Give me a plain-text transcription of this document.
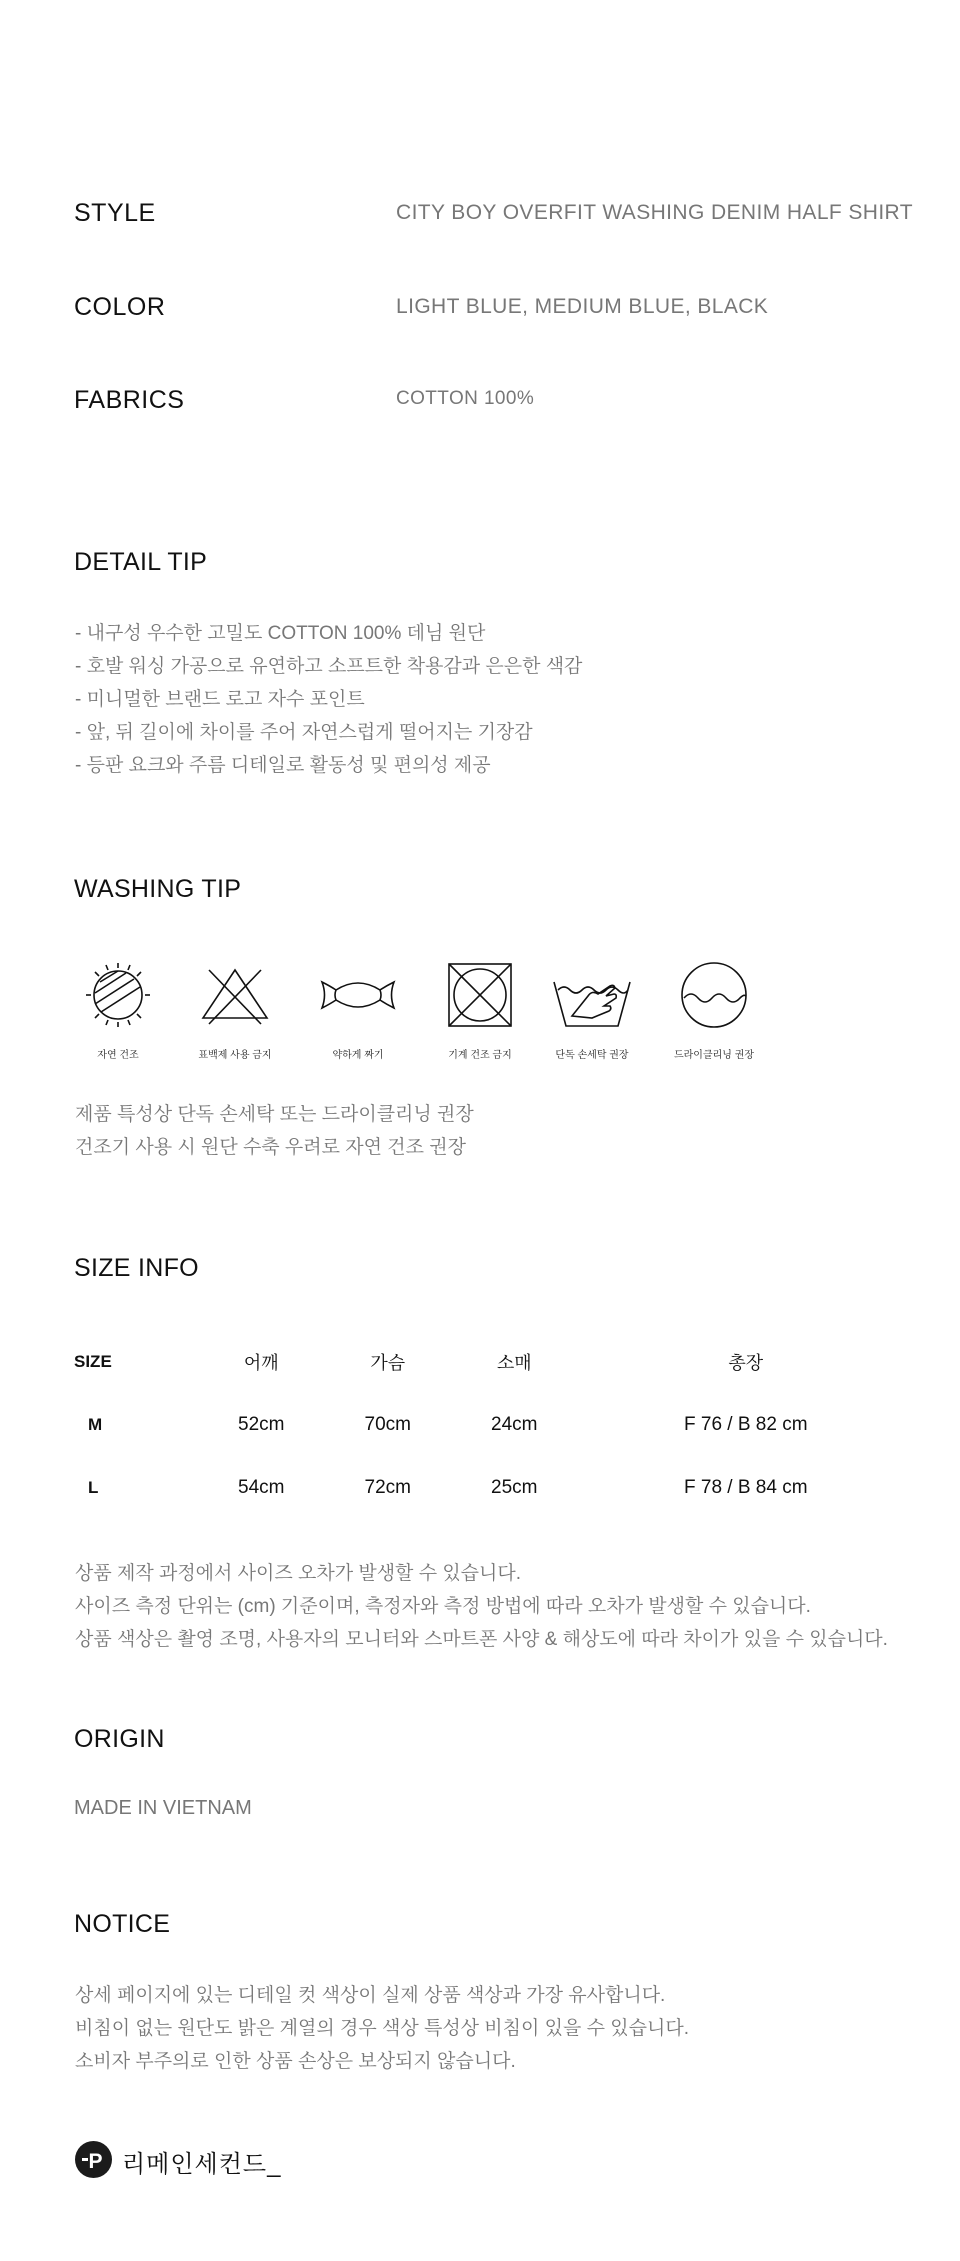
STYLE	CITY BOY OVERFIT WASHING DENIM HALF SHIRT
COLOR	LIGHT BLUE, MEDIUM BLUE, BLACK
FABRICS	COTTON 100%
DETAIL TIP
- 내구성 우수한 고밀도 COTTON 100% 데님 원단
- 호발 워싱 가공으로 유연하고 소프트한 착용감과 은은한 색감
- 미니멀한 브랜드 로고 자수 포인트
- 앞, 뒤 길이에 차이를 주어 자연스럽게 떨어지는 기장감
- 등판 요크와 주름 디테일로 활동성 및 편의성 제공
WASHING TIP
자연 건조	표백제 사용 금지	약하게 짜기	기계 건조 금지	단독 손세탁 권장	드라이클리닝 권장
제품 특성상 단독 손세탁 또는 드라이클리닝 권장
건조기 사용 시 원단 수축 우려로 자연 건조 권장
SIZE INFO
SIZE	어깨	가슴	소매	총장
M	52cm	70cm	24cm	F 76 / B 82 cm
L	54cm	72cm	25cm	F 78 / B 84 cm
상품 제작 과정에서 사이즈 오차가 발생할 수 있습니다.
사이즈 측정 단위는 (cm) 기준이며, 측정자와 측정 방법에 따라 오차가 발생할 수 있습니다.
상품 색상은 촬영 조명, 사용자의 모니터와 스마트폰 사양 & 해상도에 따라 차이가 있을 수 있습니다.
ORIGIN
MADE IN VIETNAM
NOTICE
상세 페이지에 있는 디테일 컷 색상이 실제 상품 색상과 가장 유사합니다.
비침이 없는 원단도 밝은 계열의 경우 색상 특성상 비침이 있을 수 있습니다.
소비자 부주의로 인한 상품 손상은 보상되지 않습니다.
P 리메인세컨드_
